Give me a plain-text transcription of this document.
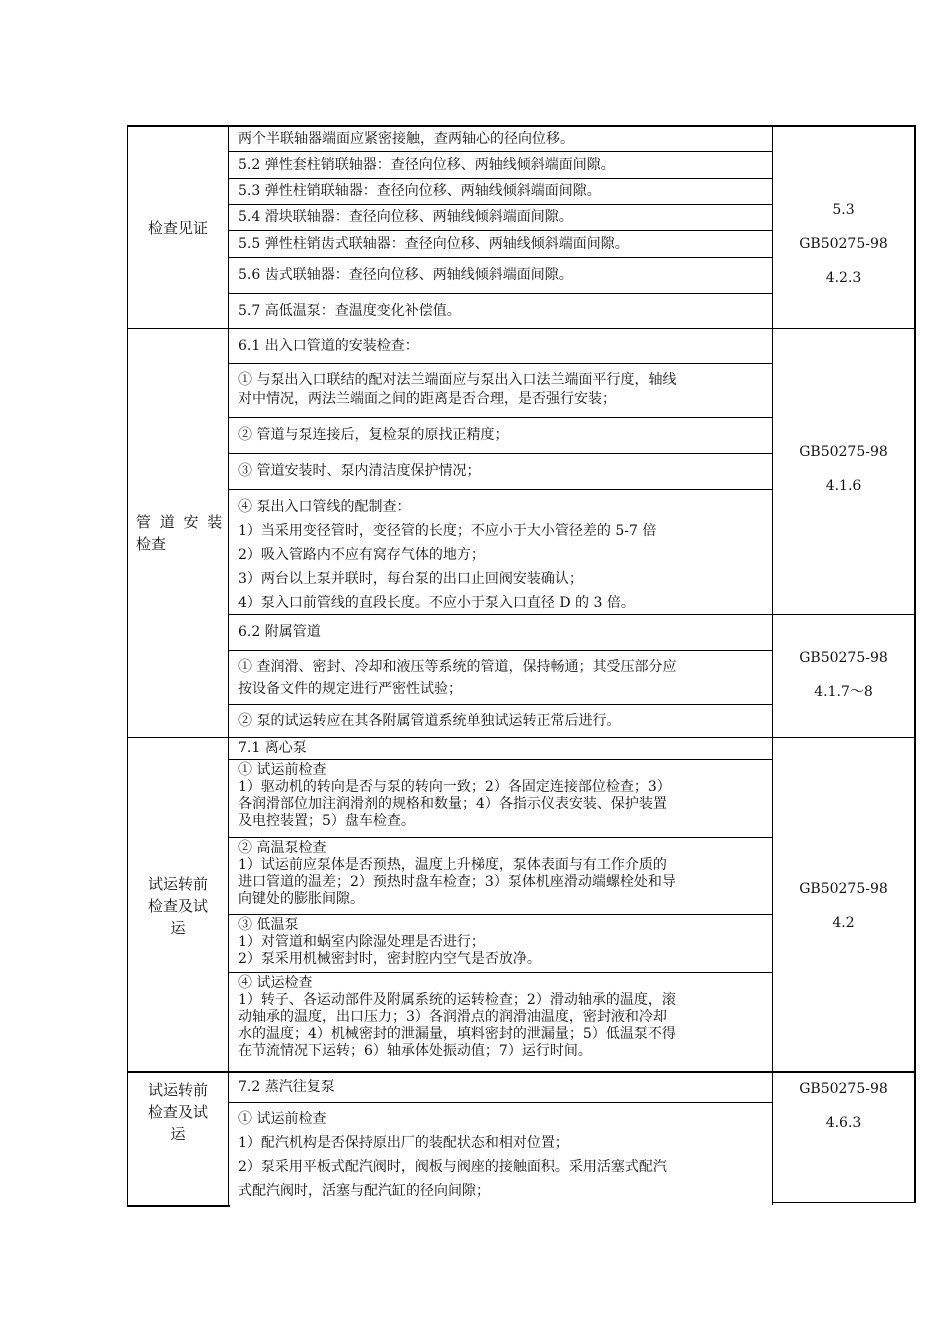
检查见证
两个半联轴器端面应紧密接触，查两轴心的径向位移。
5.2 弹性套柱销联轴器：查径向位移、两轴线倾斜端面间隙。
5.3 弹性柱销联轴器：查径向位移、两轴线倾斜端面间隙。
5.4 滑块联轴器：查径向位移、两轴线倾斜端面间隙。
5.5 弹性柱销齿式联轴器：查径向位移、两轴线倾斜端面间隙。
5.6 齿式联轴器：查径向位移、两轴线倾斜端面间隙。
5.7 高低温泵：查温度变化补偿值。
5.3
GB50275-98
4.2.3
管 道 安 装
检查
6.1 出入口管道的安装检查：
① 与泵出入口联结的配对法兰端面应与泵出入口法兰端面平行度，轴线
对中情况，两法兰端面之间的距离是否合理，是否强行安装；
② 管道与泵连接后，复检泵的原找正精度；
③ 管道安装时、泵内清洁度保护情况；
④ 泵出入口管线的配制查：
1）当采用变径管时，变径管的长度；不应小于大小管径差的 5-7 倍
2）吸入管路内不应有窝存气体的地方；
3）两台以上泵并联时，每台泵的出口止回阀安装确认；
4）泵入口前管线的直段长度。不应小于泵入口直径 D 的 3 倍。
GB50275-98
4.1.6
6.2 附属管道
① 查润滑、密封、冷却和液压等系统的管道，保持畅通；其受压部分应
按设备文件的规定进行严密性试验；
② 泵的试运转应在其各附属管道系统单独试运转正常后进行。
GB50275-98
4.1.7～8
试运转前
检查及试
运
7.1 离心泵
① 试运前检查
1）驱动机的转向是否与泵的转向一致；2）各固定连接部位检查；3）
各润滑部位加注润滑剂的规格和数量；4）各指示仪表安装、保护装置
及电控装置；5）盘车检查。
② 高温泵检查
1）试运前应泵体是否预热，温度上升梯度，泵体表面与有工作介质的
进口管道的温差；2）预热时盘车检查；3）泵体机座滑动端螺栓处和导
向键处的膨胀间隙。
③ 低温泵
1）对管道和蜗室内除湿处理是否进行；
2）泵采用机械密封时，密封腔内空气是否放净。
④ 试运检查
1）转子、各运动部件及附属系统的运转检查；2）滑动轴承的温度，滚
动轴承的温度，出口压力；3）各润滑点的润滑油温度，密封液和冷却
水的温度；4）机械密封的泄漏量，填料密封的泄漏量；5）低温泵不得
在节流情况下运转；6）轴承体处振动值；7）运行时间。
GB50275-98
4.2
试运转前
检查及试
运
7.2 蒸汽往复泵
① 试运前检查
1）配汽机构是否保持原出厂的装配状态和相对位置；
2）泵采用平板式配汽阀时，阀板与阀座的接触面积。采用活塞式配汽
式配汽阀时，活塞与配汽缸的径向间隙；
GB50275-98
4.6.3
